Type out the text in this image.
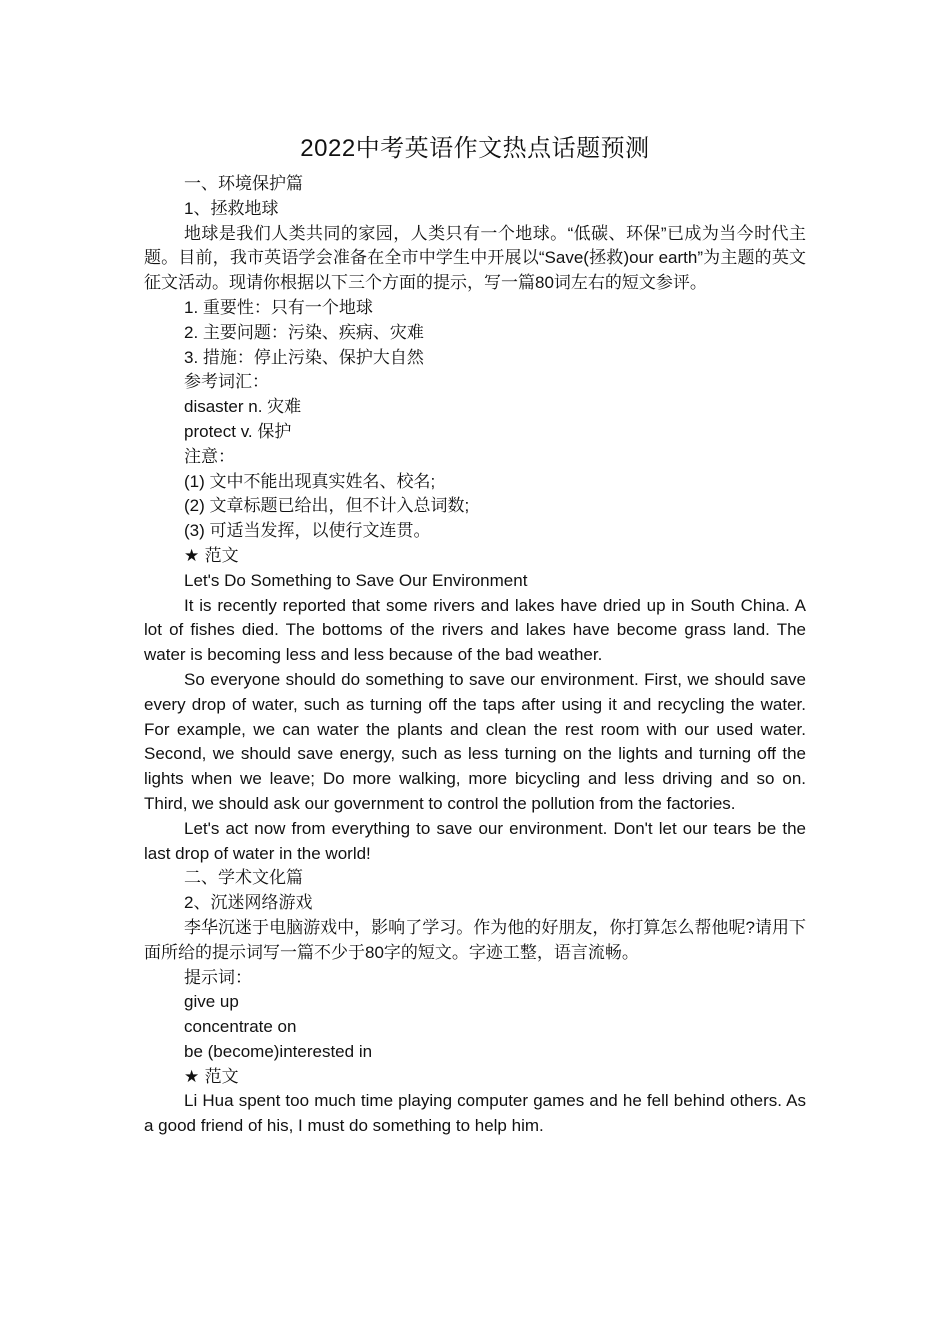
2022中考英语作文热点话题预测

一、环境保护篇

1、拯救地球

地球是我们人类共同的家园，人类只有一个地球。“低碳、环保”已成为当今时代主题。目前，我市英语学会准备在全市中学生中开展以“Save(拯救)our earth”为主题的英文征文活动。现请你根据以下三个方面的提示，写一篇80词左右的短文参评。

1. 重要性：只有一个地球

2. 主要问题：污染、疾病、灾难

3. 措施：停止污染、保护大自然

参考词汇：

disaster n. 灾难

protect v. 保护

注意：

(1) 文中不能出现真实姓名、校名;

(2) 文章标题已给出，但不计入总词数;

(3) 可适当发挥，以使行文连贯。

★ 范文

Let's Do Something to Save Our Environment

It is recently reported that some rivers and lakes have dried up in South China. A lot of fishes died. The bottoms of the rivers and lakes have become grass land. The water is becoming less and less because of the bad weather.

So everyone should do something to save our environment. First, we should save every drop of water, such as turning off the taps after using it and recycling the water. For example, we can water the plants and clean the rest room with our used water. Second, we should save energy, such as less turning on the lights and turning off the lights when we leave; Do more walking, more bicycling and less driving and so on. Third, we should ask our government to control the pollution from the factories.

Let's act now from everything to save our environment. Don't let our tears be the last drop of water in the world!

二、学术文化篇

2、沉迷网络游戏

李华沉迷于电脑游戏中，影响了学习。作为他的好朋友，你打算怎么帮他呢?请用下面所给的提示词写一篇不少于80字的短文。字迹工整，语言流畅。

提示词：

give up

concentrate on

be (become)interested in

★ 范文

Li Hua spent too much time playing computer games and he fell behind others. As a good friend of his, I must do something to help him.
